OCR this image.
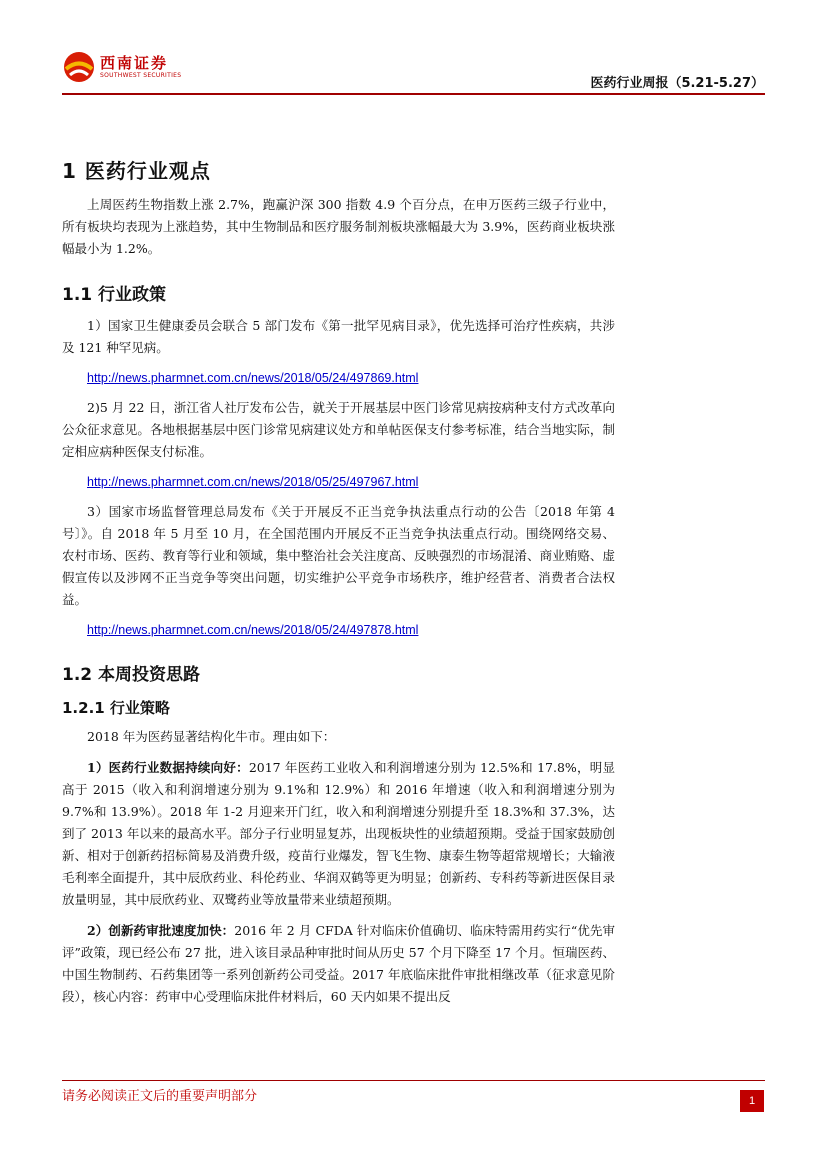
西南证券
SOUTHWEST SECURITIES
医药行业周报（5.21-5.27）
1 医药行业观点

上周医药生物指数上涨 2.7%，跑赢沪深 300 指数 4.9 个百分点，在申万医药三级子行业中，所有板块均表现为上涨趋势，其中生物制品和医疗服务制剂板块涨幅最大为 3.9%，医药商业板块涨幅最小为 1.2%。

1.1 行业政策

1）国家卫生健康委员会联合 5 部门发布《第一批罕见病目录》，优先选择可治疗性疾病，共涉及 121 种罕见病。

http://news.pharmnet.com.cn/news/2018/05/24/497869.html

2)5 月 22 日，浙江省人社厅发布公告，就关于开展基层中医门诊常见病按病种支付方式改革向公众征求意见。各地根据基层中医门诊常见病建议处方和单帖医保支付参考标准，结合当地实际，制定相应病种医保支付标准。

http://news.pharmnet.com.cn/news/2018/05/25/497967.html

3）国家市场监督管理总局发布《关于开展反不正当竞争执法重点行动的公告〔2018 年第 4 号〕》。自 2018 年 5 月至 10 月，在全国范围内开展反不正当竞争执法重点行动。围绕网络交易、农村市场、医药、教育等行业和领域，集中整治社会关注度高、反映强烈的市场混淆、商业贿赂、虚假宣传以及涉网不正当竞争等突出问题，切实维护公平竞争市场秩序，维护经营者、消费者合法权益。

http://news.pharmnet.com.cn/news/2018/05/24/497878.html
1.2 本周投资思路
1.2.1 行业策略

2018 年为医药显著结构化牛市。理由如下：

1）医药行业数据持续向好：2017 年医药工业收入和利润增速分别为 12.5%和 17.8%，明显高于 2015（收入和利润增速分别为 9.1%和 12.9%）和 2016 年增速（收入和利润增速分别为 9.7%和 13.9%）。2018 年 1-2 月迎来开门红，收入和利润增速分别提升至 18.3%和 37.3%，达到了 2013 年以来的最高水平。部分子行业明显复苏，出现板块性的业绩超预期。受益于国家鼓励创新、相对于创新药招标简易及消费升级，疫苗行业爆发，智飞生物、康泰生物等超常规增长；大输液毛利率全面提升，其中辰欣药业、科伦药业、华润双鹤等更为明显；创新药、专科药等新进医保目录放量明显，其中辰欣药业、双鹭药业等放量带来业绩超预期。

2）创新药审批速度加快：2016 年 2 月 CFDA 针对临床价值确切、临床特需用药实行“优先审评”政策，现已经公布 27 批，进入该目录品种审批时间从历史 57 个月下降至 17 个月。恒瑞医药、中国生物制药、石药集团等一系列创新药公司受益。2017 年底临床批件审批相继改革（征求意见阶段），核心内容：药审中心受理临床批件材料后，60 天内如果不提出反

请务必阅读正文后的重要声明部分	1
